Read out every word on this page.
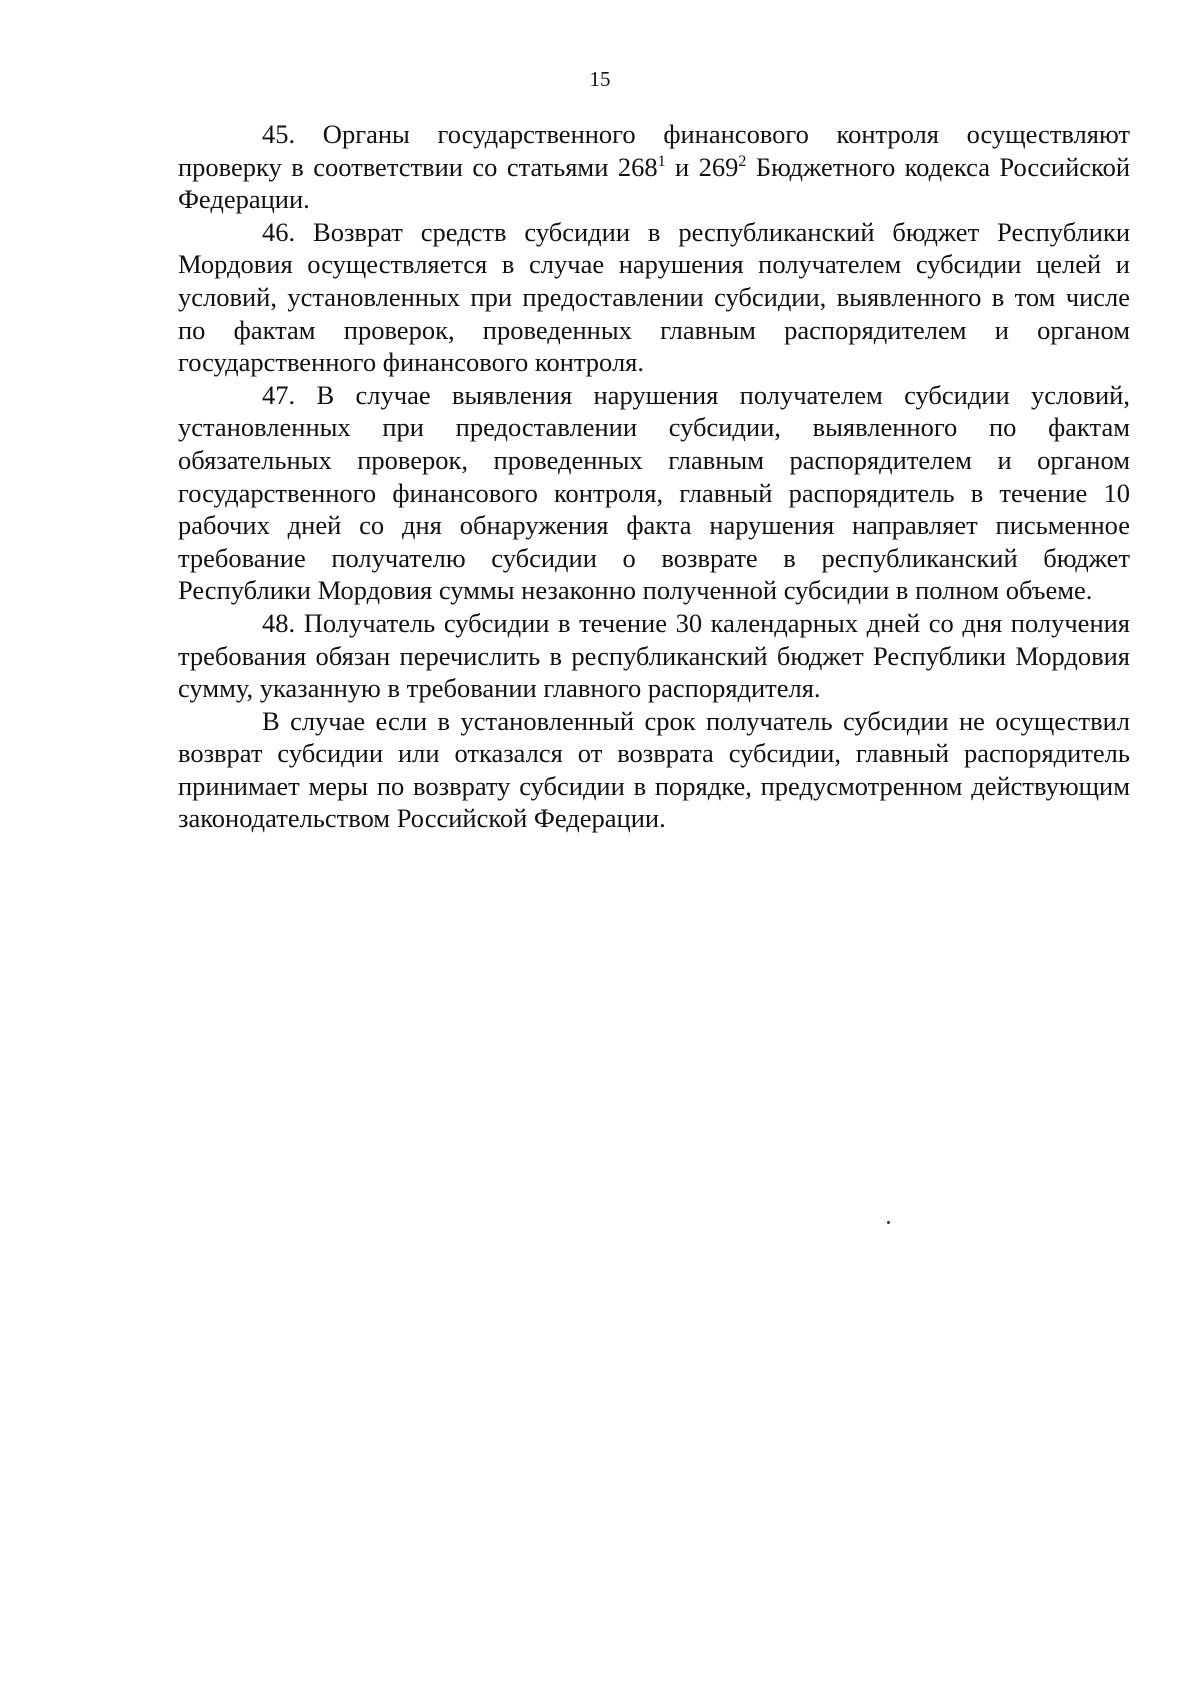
15

45. Органы государственного финансового контроля осуществляют проверку в соответствии со статьями $268^1$ и $269^2$ Бюджетного кодекса Российской Федерации.

46. Возврат средств субсидии в республиканский бюджет Республики Мордовия осуществляется в случае нарушения получателем субсидии целей и условий, установленных при предоставлении субсидии, выявленного в том числе по фактам проверок, проведенных главным распорядителем и органом государственного финансового контроля.

47. В случае выявления нарушения получателем субсидии условий, установленных при предоставлении субсидии, выявленного по фактам обязательных проверок, проведенных главным распорядителем и органом государственного финансового контроля, главный распорядитель в течение 10 рабочих дней со дня обнаружения факта нарушения направляет письменное требование получателю субсидии о возврате в республиканский бюджет Республики Мордовия суммы незаконно полученной субсидии в полном объеме.

48. Получатель субсидии в течение 30 календарных дней со дня получения требования обязан перечислить в республиканский бюджет Республики Мордовия сумму, указанную в требовании главного распорядителя.

В случае если в установленный срок получатель субсидии не осуществил возврат субсидии или отказался от возврата субсидии, главный распорядитель принимает меры по возврату субсидии в порядке, предусмотренном действующим законодательством Российской Федерации.
